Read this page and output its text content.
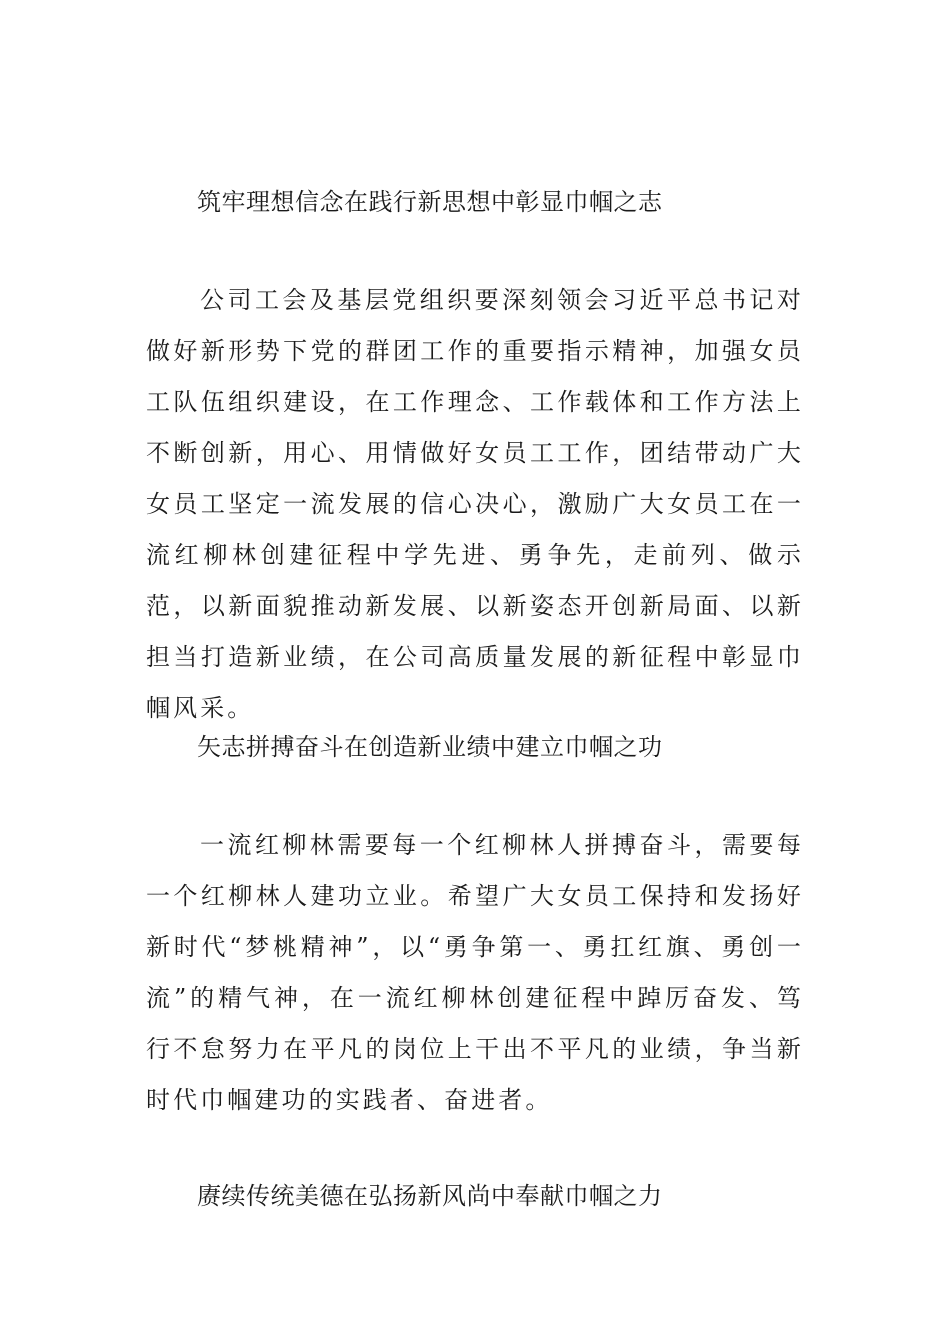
筑牢理想信念在践行新思想中彰显巾帼之志

公司工会及基层党组织要深刻领会习近平总书记对做好新形势下党的群团工作的重要指示精神，加强女员工队伍组织建设，在工作理念、工作载体和工作方法上不断创新，用心、用情做好女员工工作，团结带动广大女员工坚定一流发展的信心决心，激励广大女员工在一流红柳林创建征程中学先进、勇争先，走前列、做示范，以新面貌推动新发展、以新姿态开创新局面、以新担当打造新业绩，在公司高质量发展的新征程中彰显巾帼风采。

矢志拼搏奋斗在创造新业绩中建立巾帼之功

一流红柳林需要每一个红柳林人拼搏奋斗，需要每一个红柳林人建功立业。希望广大女员工保持和发扬好新时代“梦桃精神”，以“勇争第一、勇扛红旗、勇创一流”的精气神，在一流红柳林创建征程中踔厉奋发、笃行不怠努力在平凡的岗位上干出不平凡的业绩，争当新时代巾帼建功的实践者、奋进者。

赓续传统美德在弘扬新风尚中奉献巾帼之力
